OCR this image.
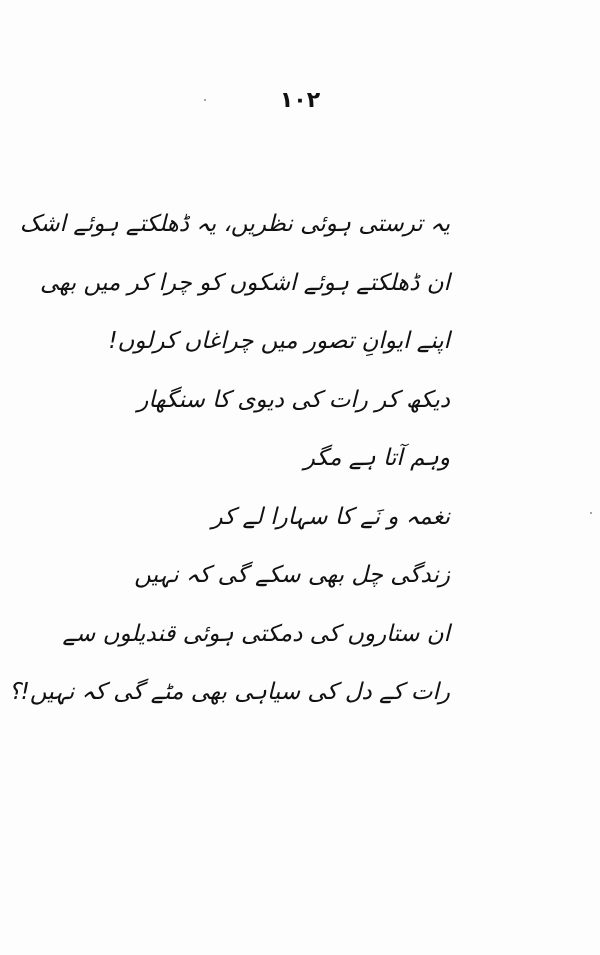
۱۰۲
یہ ترستی ہوئی نظریں، یہ ڈھلکتے ہوئے اشک
ان ڈھلکتے ہوئے اشکوں کو چرا کر میں بھی
اپنے ایوانِ تصور میں چراغاں کرلوں!
دیکھ کر رات کی دیوی کا سنگھار
وہم آتا ہے مگر
نغمہ و نَے کا سہارا لے کر
زندگی چل بھی سکے گی کہ نہیں
ان ستاروں کی دمکتی ہوئی قندیلوں سے
رات کے دل کی سیاہی بھی مٹے گی کہ نہیں!؟
